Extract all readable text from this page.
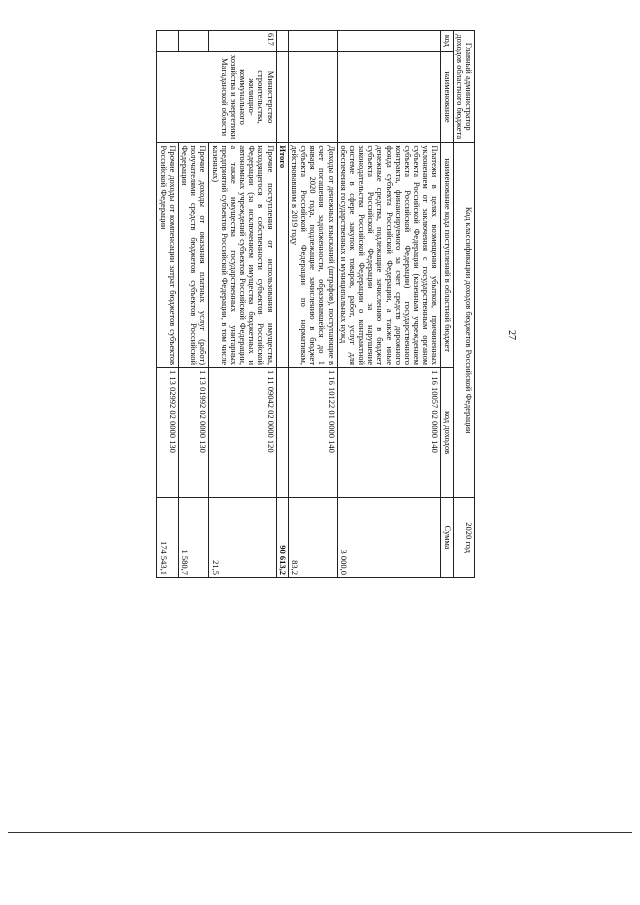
27
Главный администратор доходов областного бюджета		Код классификации доходов бюджетов Российской Федерации		2020 год
код	наименование	наименование кода поступлений в областной бюджет	код доходов	Сумма
		Платежи в целях возмещения убытков, причиненных уклонением от заключения с государственным органом субъекта Российской Федерации (казенным учреждением субъекта Российской Федерации) государственного контракта, финансируемого за счет средств дорожного фонда субъекта Российской Федерации, а также иные денежные средства, подлежащие зачислению в бюджет субъекта Российской Федерации за нарушение законодательства Российской Федерации о контрактной системе в сфере закупок товаров, работ, услуг для обеспечения государственных и муниципальных нужд	1 16 10057 02 0000 140	3 000,0
		Доходы от денежных взысканий (штрафов), поступающие в счет погашения задолженности, образовавшейся до 1 января 2020 года, подлежащие зачислению в бюджет субъекта Российской Федерации по нормативам, действовавшим в 2019 году	1 16 10122 01 0000 140	83,2
		Итого		90 613,2
617	Министерство строительства, жилищно-коммунального хозяйства и энергетики Магаданской области	Прочие поступления от использования имущества, находящегося в собственности субъектов Российской Федерации (за исключением имущества бюджетных и автономных учреждений субъектов Российской Федерации, а также имущества государственных унитарных предприятий субъектов Российской Федерации, в том числе казенных)	1 11 09042 02 0000 120	21,5
		Прочие доходы от оказания платных услуг (работ) получателями средств бюджетов субъектов Российской Федерации	1 13 01992 02 0000 130	1 580,7
		Прочие доходы от компенсации затрат бюджетов субъектов Российской Федерации	1 13 02992 02 0000 130	174 543,1
